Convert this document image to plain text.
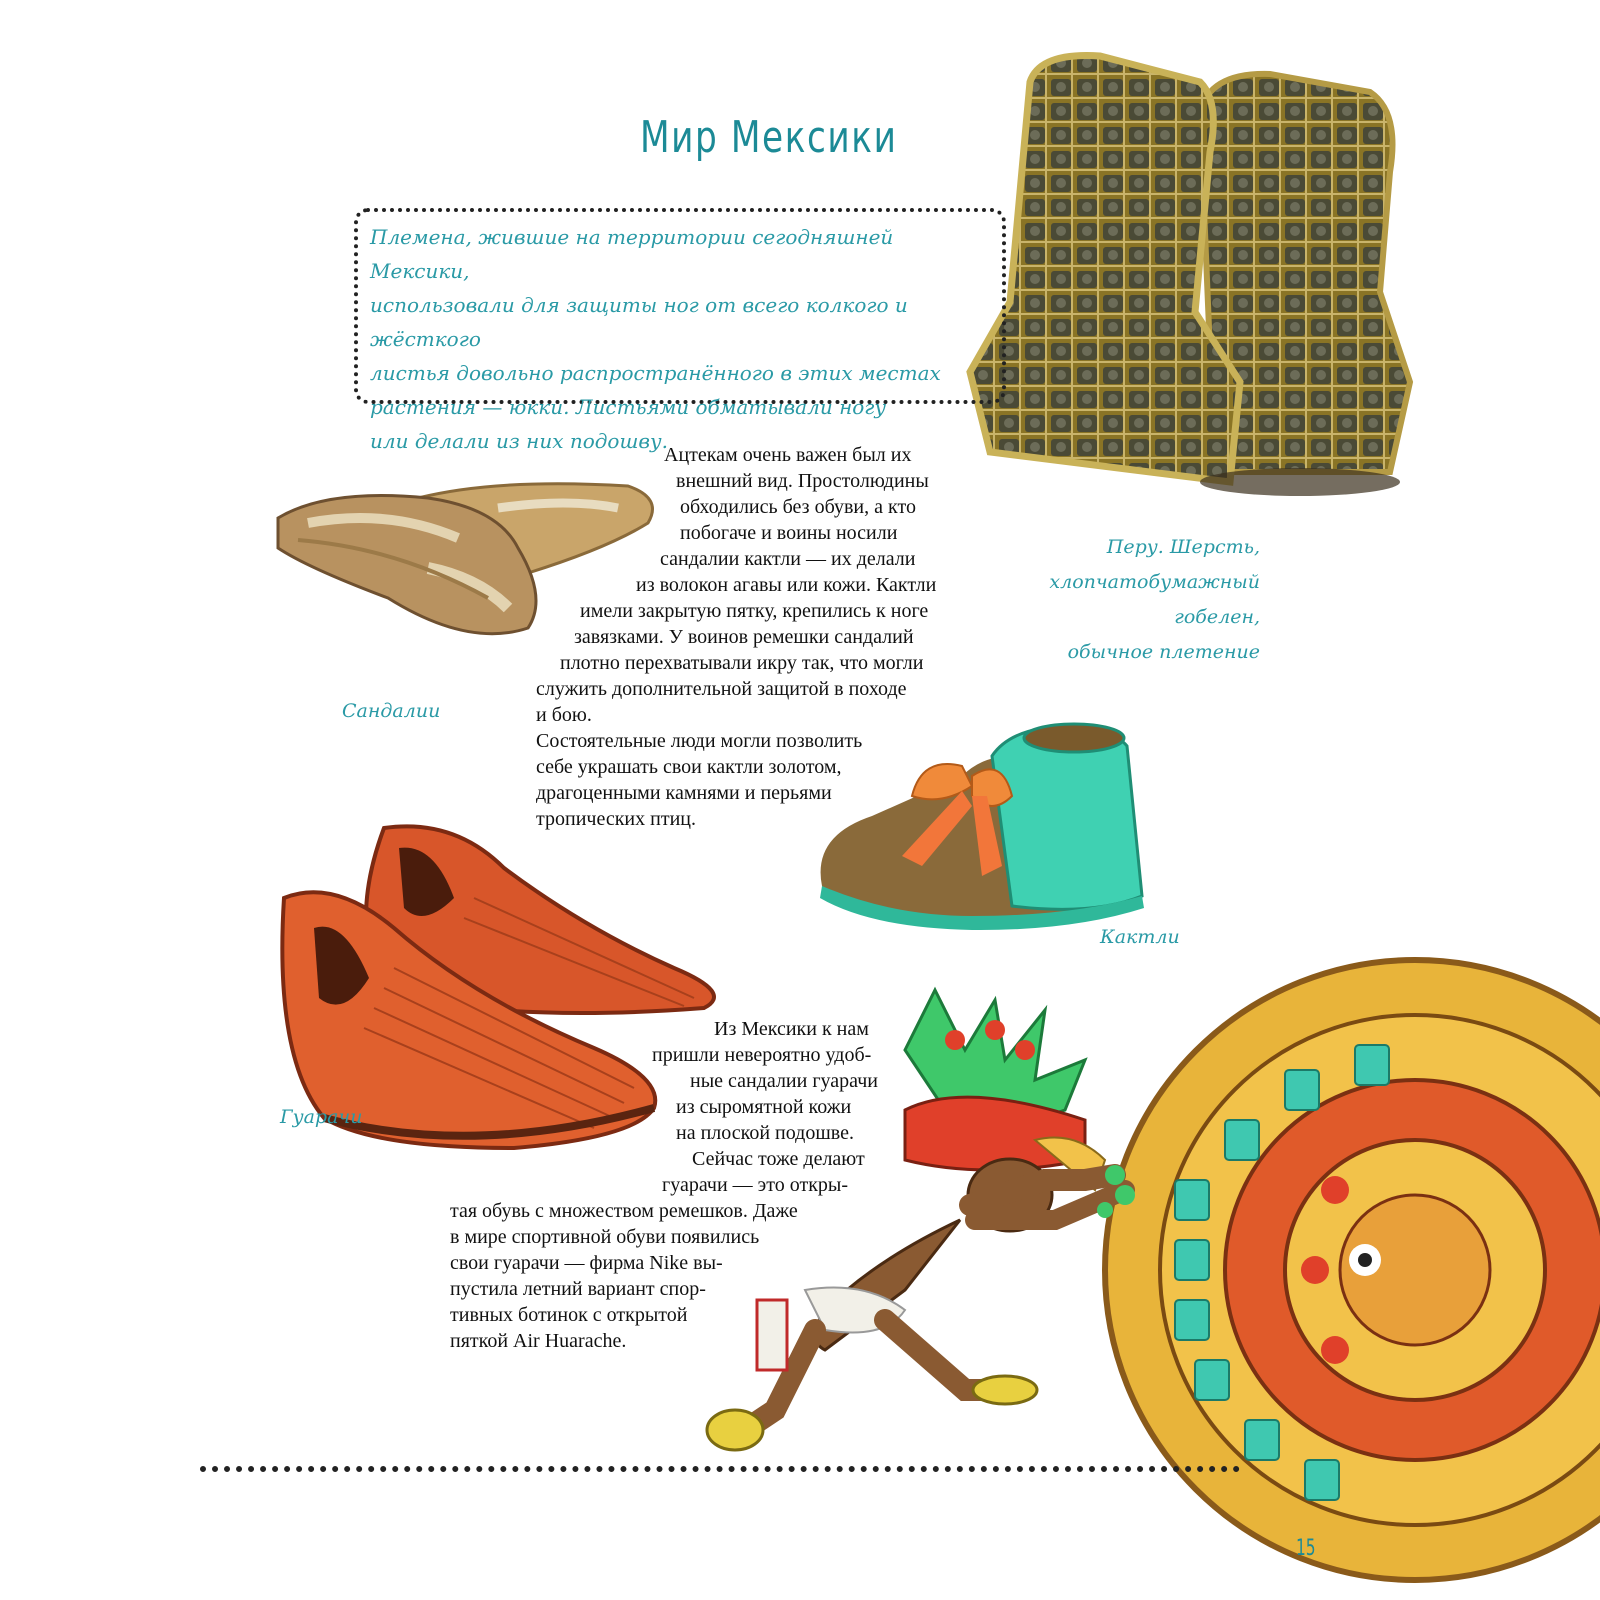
Мир Мексики
Племена, жившие на территории сегодняшней Мексики,
использовали для защиты ног от всего колкого и жёсткого
листья довольно распространённого в этих местах
растения — юкки. Листьями обматывали ногу
или делали из них подошву.
Ацтекам очень важен был их
внешний вид. Простолюдины
обходились без обуви, а кто
побогаче и воины носили
сандалии кактли — их делали
из волокон агавы или кожи. Кактли
имели закрытую пятку, крепились к ноге
завязками. У воинов ремешки сандалий
плотно перехватывали икру так, что могли
служить дополнительной защитой в походе
и бою.
Состоятельные люди могли позволить
себе украшать свои кактли золотом,
драгоценными камнями и перьями
тропических птиц.
Перу. Шерсть,
хлопчатобумажный
гобелен,
обычное плетение
Сандалии
Кактли
Гуарачи
Из Мексики к нам
пришли невероятно удоб-
ные сандалии гуарачи
из сыромятной кожи
на плоской подошве.
Сейчас тоже делают
гуарачи — это откры-
тая обувь с множеством ремешков. Даже
в мире спортивной обуви появились
свои гуарачи — фирма Nike вы-
пустила летний вариант спор-
тивных ботинок с открытой
пяткой Air Huarache.
15
